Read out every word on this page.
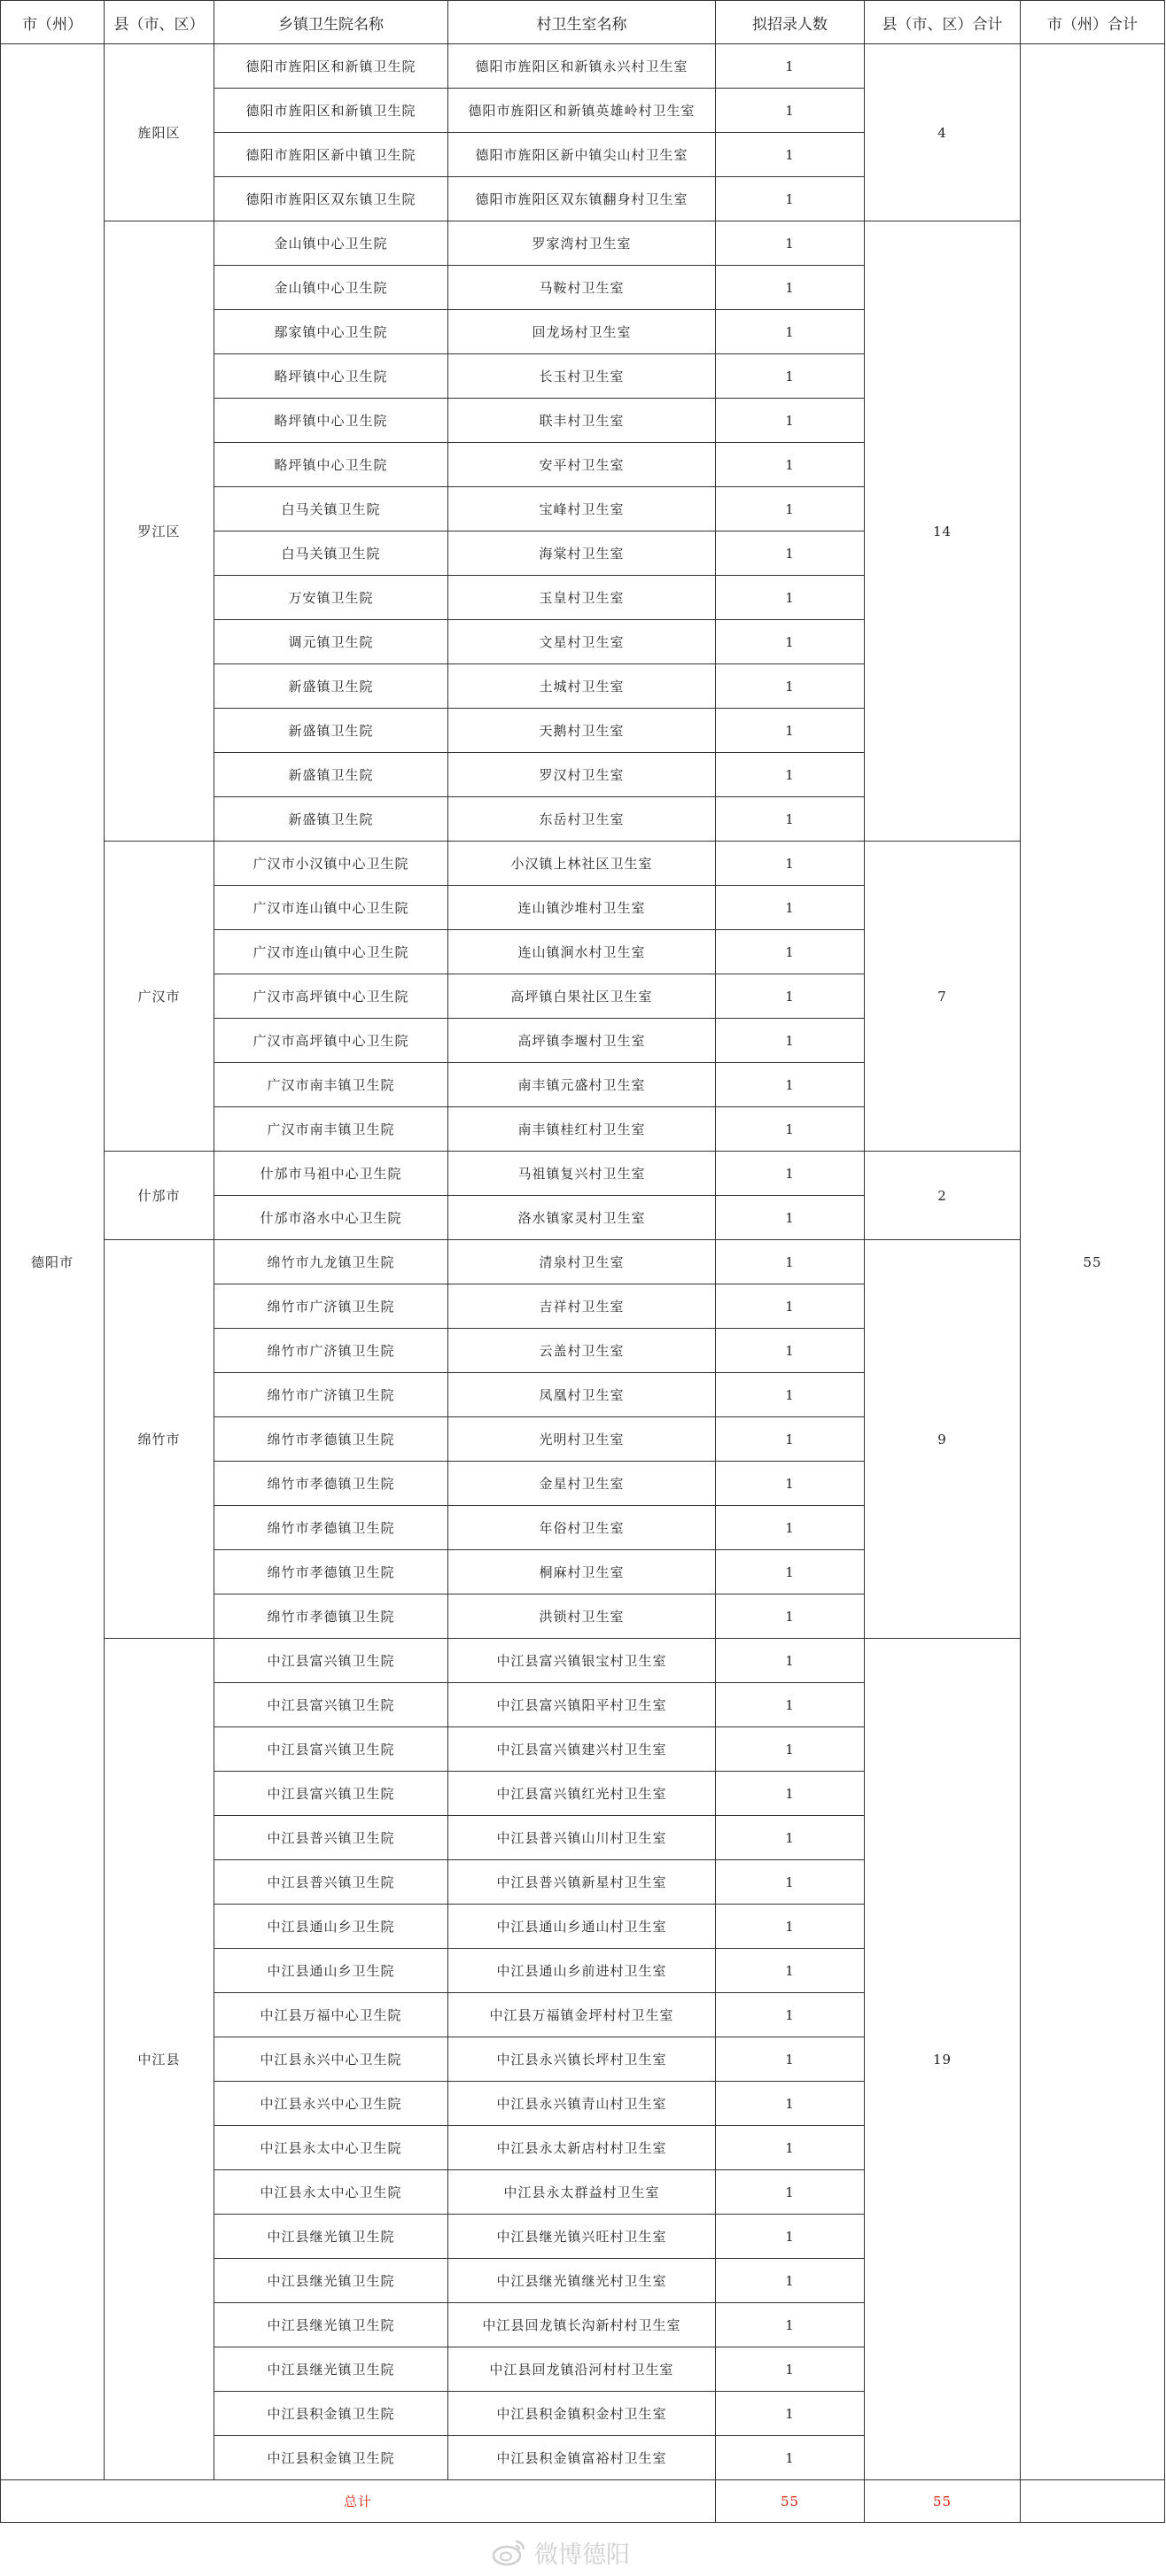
市（州）	县（市、区）	乡镇卫生院名称	村卫生室名称	拟招录人数	县（市、区）合计	市（州）合计
德阳市	旌阳区	德阳市旌阳区和新镇卫生院	德阳市旌阳区和新镇永兴村卫生室	1	4	55
		德阳市旌阳区和新镇卫生院	德阳市旌阳区和新镇英雄岭村卫生室	1		
		德阳市旌阳区新中镇卫生院	德阳市旌阳区新中镇尖山村卫生室	1		
		德阳市旌阳区双东镇卫生院	德阳市旌阳区双东镇翻身村卫生室	1		
	罗江区	金山镇中心卫生院	罗家湾村卫生室	1	14	
		金山镇中心卫生院	马鞍村卫生室	1		
		鄢家镇中心卫生院	回龙场村卫生室	1		
		略坪镇中心卫生院	长玉村卫生室	1		
		略坪镇中心卫生院	联丰村卫生室	1		
		略坪镇中心卫生院	安平村卫生室	1		
		白马关镇卫生院	宝峰村卫生室	1		
		白马关镇卫生院	海棠村卫生室	1		
		万安镇卫生院	玉皇村卫生室	1		
		调元镇卫生院	文星村卫生室	1		
		新盛镇卫生院	土城村卫生室	1		
		新盛镇卫生院	天鹅村卫生室	1		
		新盛镇卫生院	罗汉村卫生室	1		
		新盛镇卫生院	东岳村卫生室	1		
	广汉市	广汉市小汉镇中心卫生院	小汉镇上林社区卫生室	1	7	
		广汉市连山镇中心卫生院	连山镇沙堆村卫生室	1		
		广汉市连山镇中心卫生院	连山镇涧水村卫生室	1		
		广汉市高坪镇中心卫生院	高坪镇白果社区卫生室	1		
		广汉市高坪镇中心卫生院	高坪镇李堰村卫生室	1		
		广汉市南丰镇卫生院	南丰镇元盛村卫生室	1		
		广汉市南丰镇卫生院	南丰镇桂红村卫生室	1		
	什邡市	什邡市马祖中心卫生院	马祖镇复兴村卫生室	1	2	
		什邡市洛水中心卫生院	洛水镇家灵村卫生室	1		
	绵竹市	绵竹市九龙镇卫生院	清泉村卫生室	1	9	
		绵竹市广济镇卫生院	吉祥村卫生室	1		
		绵竹市广济镇卫生院	云盖村卫生室	1		
		绵竹市广济镇卫生院	凤凰村卫生室	1		
		绵竹市孝德镇卫生院	光明村卫生室	1		
		绵竹市孝德镇卫生院	金星村卫生室	1		
		绵竹市孝德镇卫生院	年俗村卫生室	1		
		绵竹市孝德镇卫生院	桐麻村卫生室	1		
		绵竹市孝德镇卫生院	洪锁村卫生室	1		
	中江县	中江县富兴镇卫生院	中江县富兴镇银宝村卫生室	1	19	
		中江县富兴镇卫生院	中江县富兴镇阳平村卫生室	1		
		中江县富兴镇卫生院	中江县富兴镇建兴村卫生室	1		
		中江县富兴镇卫生院	中江县富兴镇红光村卫生室	1		
		中江县普兴镇卫生院	中江县普兴镇山川村卫生室	1		
		中江县普兴镇卫生院	中江县普兴镇新星村卫生室	1		
		中江县通山乡卫生院	中江县通山乡通山村卫生室	1		
		中江县通山乡卫生院	中江县通山乡前进村卫生室	1		
		中江县万福中心卫生院	中江县万福镇金坪村村卫生室	1		
		中江县永兴中心卫生院	中江县永兴镇长坪村卫生室	1		
		中江县永兴中心卫生院	中江县永兴镇青山村卫生室	1		
		中江县永太中心卫生院	中江县永太新店村村卫生室	1		
		中江县永太中心卫生院	中江县永太群益村卫生室	1		
		中江县继光镇卫生院	中江县继光镇兴旺村卫生室	1		
		中江县继光镇卫生院	中江县继光镇继光村卫生室	1		
		中江县继光镇卫生院	中江县回龙镇长沟新村村卫生室	1		
		中江县继光镇卫生院	中江县回龙镇沿河村村卫生室	1		
		中江县积金镇卫生院	中江县积金镇积金村卫生室	1		
		中江县积金镇卫生院	中江县积金镇富裕村卫生室	1		
总计				55	55	
微博德阳
